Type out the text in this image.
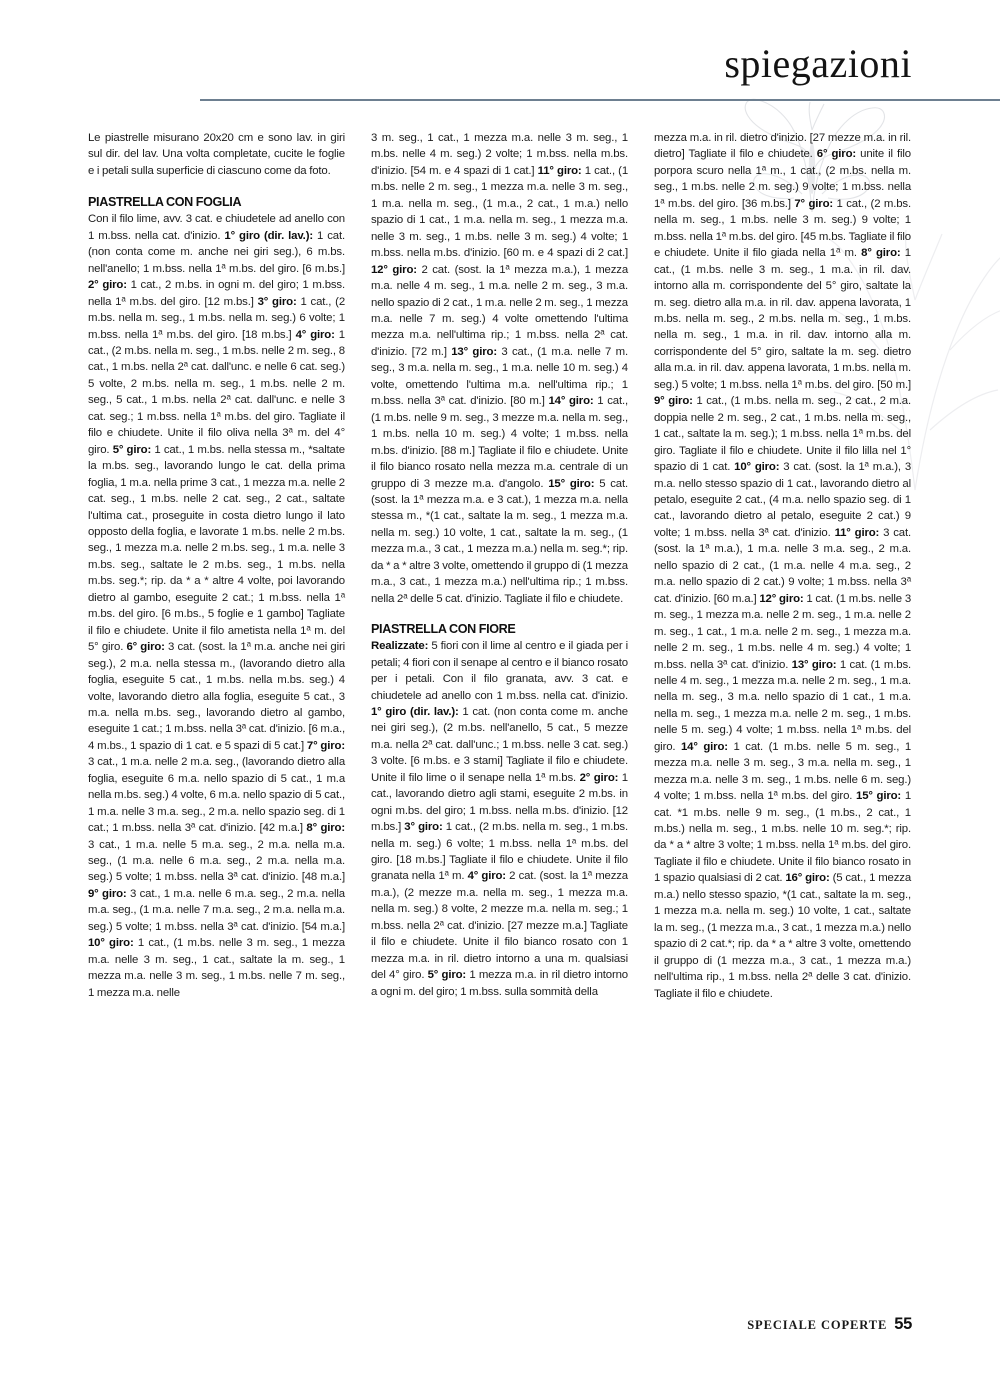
spiegazioni

Le piastrelle misurano 20x20 cm e sono lav. in giri sul dir. del lav. Una volta completate, cucite le foglie e i petali sulla superficie di ciascuno come da foto.

PIASTRELLA CON FOGLIA

Con il filo lime, avv. 3 cat. e chiudetele ad anello con 1 m.bss. nella cat. d'inizio. 1° giro (dir. lav.): 1 cat. (non conta come m. anche nei giri seg.), 6 m.bs. nell'anello; 1 m.bss. nella 1$^a$ m.bs. del giro. [6 m.bs.] 2° giro: 1 cat., 2 m.bs. in ogni m. del giro; 1 m.bss. nella 1$^a$ m.bs. del giro. [12 m.bs.] 3° giro: 1 cat., (2 m.bs. nella m. seg., 1 m.bs. nella m. seg.) 6 volte; 1 m.bss. nella 1$^a$ m.bs. del giro. [18 m.bs.] 4° giro: 1 cat., (2 m.bs. nella m. seg., 1 m.bs. nelle 2 m. seg., 8 cat., 1 m.bs. nella 2$^a$ cat. dall'unc. e nelle 6 cat. seg.) 5 volte, 2 m.bs. nella m. seg., 1 m.bs. nelle 2 m. seg., 5 cat., 1 m.bs. nella 2$^a$ cat. dall'unc. e nelle 3 cat. seg.; 1 m.bss. nella 1$^a$ m.bs. del giro. Tagliate il filo e chiudete. Unite il filo oliva nella 3$^a$ m. del 4° giro. 5° giro: 1 cat., 1 m.bs. nella stessa m., *saltate la m.bs. seg., lavorando lungo le cat. della prima foglia, 1 m.a. nella prime 3 cat., 1 mezza m.a. nelle 2 cat. seg., 1 m.bs. nelle 2 cat. seg., 2 cat., saltate l'ultima cat., proseguite in costa dietro lungo il lato opposto della foglia, e lavorate 1 m.bs. nelle 2 m.bs. seg., 1 mezza m.a. nelle 2 m.bs. seg., 1 m.a. nelle 3 m.bs. seg., saltate le 2 m.bs. seg., 1 m.bs. nella m.bs. seg.*; rip. da * a * altre 4 volte, poi lavorando dietro al gambo, eseguite 2 cat.; 1 m.bss. nella 1$^a$ m.bs. del giro. [6 m.bs., 5 foglie e 1 gambo] Tagliate il filo e chiudete. Unite il filo ametista nella 1$^a$ m. del 5° giro. 6° giro: 3 cat. (sost. la 1$^a$ m.a. anche nei giri seg.), 2 m.a. nella stessa m., (lavorando dietro alla foglia, eseguite 5 cat., 1 m.bs. nella m.bs. seg.) 4 volte, lavorando dietro alla foglia, eseguite 5 cat., 3 m.a. nella m.bs. seg., lavorando dietro al gambo, eseguite 1 cat.; 1 m.bss. nella 3$^a$ cat. d'inizio. [6 m.a., 4 m.bs., 1 spazio di 1 cat. e 5 spazi di 5 cat.] 7° giro: 3 cat., 1 m.a. nelle 2 m.a. seg., (lavorando dietro alla foglia, eseguite 6 m.a. nello spazio di 5 cat., 1 m.a nella m.bs. seg.) 4 volte, 6 m.a. nello spazio di 5 cat., 1 m.a. nelle 3 m.a. seg., 2 m.a. nello spazio seg. di 1 cat.; 1 m.bss. nella 3$^a$ cat. d'inizio. [42 m.a.] 8° giro: 3 cat., 1 m.a. nelle 5 m.a. seg., 2 m.a. nella m.a. seg., (1 m.a. nelle 6 m.a. seg., 2 m.a. nella m.a. seg.) 5 volte; 1 m.bss. nella 3$^a$ cat. d'inizio. [48 m.a.] 9° giro: 3 cat., 1 m.a. nelle 6 m.a. seg., 2 m.a. nella m.a. seg., (1 m.a. nelle 7 m.a. seg., 2 m.a. nella m.a. seg.) 5 volte; 1 m.bss. nella 3$^a$ cat. d'inizio. [54 m.a.] 10° giro: 1 cat., (1 m.bs. nelle 3 m. seg., 1 mezza m.a. nelle 3 m. seg., 1 cat., saltate la m. seg., 1 mezza m.a. nelle 3 m. seg., 1 m.bs. nelle 7 m. seg., 1 mezza m.a. nelle

3 m. seg., 1 cat., 1 mezza m.a. nelle 3 m. seg., 1 m.bs. nelle 4 m. seg.) 2 volte; 1 m.bss. nella m.bs. d'inizio. [54 m. e 4 spazi di 1 cat.] 11° giro: 1 cat., (1 m.bs. nelle 2 m. seg., 1 mezza m.a. nelle 3 m. seg., 1 m.a. nella m. seg., (1 m.a., 2 cat., 1 m.a.) nello spazio di 1 cat., 1 m.a. nella m. seg., 1 mezza m.a. nelle 3 m. seg., 1 m.bs. nelle 3 m. seg.) 4 volte; 1 m.bss. nella m.bs. d'inizio. [60 m. e 4 spazi di 2 cat.] 12° giro: 2 cat. (sost. la 1$^a$ mezza m.a.), 1 mezza m.a. nelle 4 m. seg., 1 m.a. nelle 2 m. seg., 3 m.a. nello spazio di 2 cat., 1 m.a. nelle 2 m. seg., 1 mezza m.a. nelle 7 m. seg.) 4 volte omettendo l'ultima mezza m.a. nell'ultima rip.; 1 m.bss. nella 2$^a$ cat. d'inizio. [72 m.] 13° giro: 3 cat., (1 m.a. nelle 7 m. seg., 3 m.a. nella m. seg., 1 m.a. nelle 10 m. seg.) 4 volte, omettendo l'ultima m.a. nell'ultima rip.; 1 m.bss. nella 3$^a$ cat. d'inizio. [80 m.] 14° giro: 1 cat., (1 m.bs. nelle 9 m. seg., 3 mezze m.a. nella m. seg., 1 m.bs. nella 10 m. seg.) 4 volte; 1 m.bss. nella m.bs. d'inizio. [88 m.] Tagliate il filo e chiudete. Unite il filo bianco rosato nella mezza m.a. centrale di un gruppo di 3 mezze m.a. d'angolo. 15° giro: 5 cat. (sost. la 1$^a$ mezza m.a. e 3 cat.), 1 mezza m.a. nella stessa m., *(1 cat., saltate la m. seg., 1 mezza m.a. nella m. seg.) 10 volte, 1 cat., saltate la m. seg., (1 mezza m.a., 3 cat., 1 mezza m.a.) nella m. seg.*; rip. da * a * altre 3 volte, omettendo il gruppo di (1 mezza m.a., 3 cat., 1 mezza m.a.) nell'ultima rip.; 1 m.bss. nella 2$^a$ delle 5 cat. d'inizio. Tagliate il filo e chiudete.

PIASTRELLA CON FIORE

Realizzate: 5 fiori con il lime al centro e il giada per i petali; 4 fiori con il senape al centro e il bianco rosato per i petali. Con il filo granata, avv. 3 cat. e chiudetele ad anello con 1 m.bss. nella cat. d'inizio. 1° giro (dir. lav.): 1 cat. (non conta come m. anche nei giri seg.), (2 m.bs. nell'anello, 5 cat., 5 mezze m.a. nella 2$^a$ cat. dall'unc.; 1 m.bss. nelle 3 cat. seg.) 3 volte. [6 m.bs. e 3 stami] Tagliate il filo e chiudete. Unite il filo lime o il senape nella 1$^a$ m.bs. 2° giro: 1 cat., lavorando dietro agli stami, eseguite 2 m.bs. in ogni m.bs. del giro; 1 m.bss. nella m.bs. d'inizio. [12 m.bs.] 3° giro: 1 cat., (2 m.bs. nella m. seg., 1 m.bs. nella m. seg.) 6 volte; 1 m.bss. nella 1$^a$ m.bs. del giro. [18 m.bs.] Tagliate il filo e chiudete. Unite il filo granata nella 1$^a$ m. 4° giro: 2 cat. (sost. la 1$^a$ mezza m.a.), (2 mezze m.a. nella m. seg., 1 mezza m.a. nella m. seg.) 8 volte, 2 mezze m.a. nella m. seg.; 1 m.bss. nella 2$^a$ cat. d'inizio. [27 mezze m.a.] Tagliate il filo e chiudete. Unite il filo bianco rosato con 1 mezza m.a. in ril. dietro intorno a una m. qualsiasi del 4° giro. 5° giro: 1 mezza m.a. in ril dietro intorno a ogni m. del giro; 1 m.bss. sulla sommità della

mezza m.a. in ril. dietro d'inizio. [27 mezze m.a. in ril. dietro] Tagliate il filo e chiudete. 6° giro: unite il filo porpora scuro nella 1$^a$ m., 1 cat., (2 m.bs. nella m. seg., 1 m.bs. nelle 2 m. seg.) 9 volte; 1 m.bss. nella 1$^a$ m.bs. del giro. [36 m.bs.] 7° giro: 1 cat., (2 m.bs. nella m. seg., 1 m.bs. nelle 3 m. seg.) 9 volte; 1 m.bss. nella 1$^a$ m.bs. del giro. [45 m.bs. Tagliate il filo e chiudete. Unite il filo giada nella 1$^a$ m. 8° giro: 1 cat., (1 m.bs. nelle 3 m. seg., 1 m.a. in ril. dav. intorno alla m. corrispondente del 5° giro, saltate la m. seg. dietro alla m.a. in ril. dav. appena lavorata, 1 m.bs. nella m. seg., 2 m.bs. nella m. seg., 1 m.bs. nella m. seg., 1 m.a. in ril. dav. intorno alla m. corrispondente del 5° giro, saltate la m. seg. dietro alla m.a. in ril. dav. appena lavorata, 1 m.bs. nella m. seg.) 5 volte; 1 m.bss. nella 1$^a$ m.bs. del giro. [50 m.] 9° giro: 1 cat., (1 m.bs. nella m. seg., 2 cat., 2 m.a. doppia nelle 2 m. seg., 2 cat., 1 m.bs. nella m. seg., 1 cat., saltate la m. seg.); 1 m.bss. nella 1$^a$ m.bs. del giro. Tagliate il filo e chiudete. Unite il filo lilla nel 1° spazio di 1 cat. 10° giro: 3 cat. (sost. la 1$^a$ m.a.), 3 m.a. nello stesso spazio di 1 cat., lavorando dietro al petalo, eseguite 2 cat., (4 m.a. nello spazio seg. di 1 cat., lavorando dietro al petalo, eseguite 2 cat.) 9 volte; 1 m.bss. nella 3$^a$ cat. d'inizio. 11° giro: 3 cat. (sost. la 1$^a$ m.a.), 1 m.a. nelle 3 m.a. seg., 2 m.a. nello spazio di 2 cat., (1 m.a. nelle 4 m.a. seg., 2 m.a. nello spazio di 2 cat.) 9 volte; 1 m.bss. nella 3$^a$ cat. d'inizio. [60 m.a.] 12° giro: 1 cat. (1 m.bs. nelle 3 m. seg., 1 mezza m.a. nelle 2 m. seg., 1 m.a. nelle 2 m. seg., 1 cat., 1 m.a. nelle 2 m. seg., 1 mezza m.a. nelle 2 m. seg., 1 m.bs. nelle 4 m. seg.) 4 volte; 1 m.bss. nella 3$^a$ cat. d'inizio. 13° giro: 1 cat. (1 m.bs. nelle 4 m. seg., 1 mezza m.a. nelle 2 m. seg., 1 m.a. nella m. seg., 3 m.a. nello spazio di 1 cat., 1 m.a. nella m. seg., 1 mezza m.a. nelle 2 m. seg., 1 m.bs. nelle 5 m. seg.) 4 volte; 1 m.bss. nella 1$^a$ m.bs. del giro. 14° giro: 1 cat. (1 m.bs. nelle 5 m. seg., 1 mezza m.a. nelle 3 m. seg., 3 m.a. nella m. seg., 1 mezza m.a. nelle 3 m. seg., 1 m.bs. nelle 6 m. seg.) 4 volte; 1 m.bss. nella 1$^a$ m.bs. del giro. 15° giro: 1 cat. *1 m.bs. nelle 9 m. seg., (1 m.bs., 2 cat., 1 m.bs.) nella m. seg., 1 m.bs. nelle 10 m. seg.*; rip. da * a * altre 3 volte; 1 m.bss. nella 1$^a$ m.bs. del giro. Tagliate il filo e chiudete. Unite il filo bianco rosato in 1 spazio qualsiasi di 2 cat. 16° giro: (5 cat., 1 mezza m.a.) nello stesso spazio, *(1 cat., saltate la m. seg., 1 mezza m.a. nella m. seg.) 10 volte, 1 cat., saltate la m. seg., (1 mezza m.a., 3 cat., 1 mezza m.a.) nello spazio di 2 cat.*; rip. da * a * altre 3 volte, omettendo il gruppo di (1 mezza m.a., 3 cat., 1 mezza m.a.) nell'ultima rip., 1 m.bss. nella 2$^a$ delle 3 cat. d'inizio. Tagliate il filo e chiudete.

SPECIALE COPERTE 55
